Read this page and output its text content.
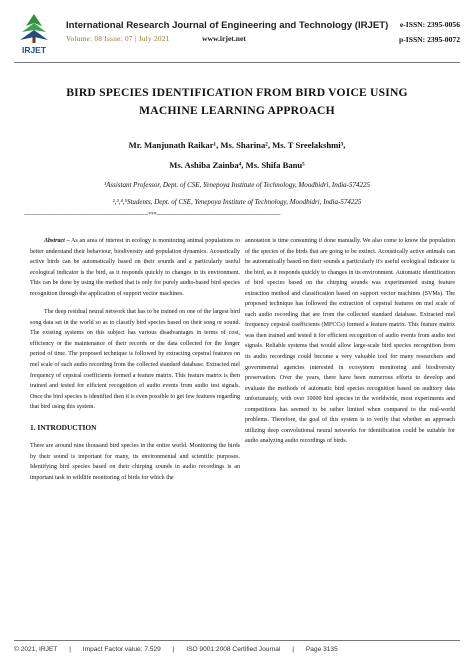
IRJET
International Research Journal of Engineering and Technology (IRJET)
Volume: 08 Issue: 07 | July 2021	www.irjet.net
e-ISSN: 2395-0056
p-ISSN: 2395-0072
BIRD SPECIES IDENTIFICATION FROM BIRD VOICE USING
MACHINE LEARNING APPROACH
Mr. Manjunath Raikar¹, Ms. Sharina², Ms. T Sreelakshmi³,
Ms. Ashiba Zainba⁴, Ms. Shifa Banu⁵
¹Assistant Professor, Dept. of CSE, Yenepoya Institute of Technology, Moodbidri, India-574225
²,³,⁴,⁵Students, Dept. of CSE, Yenepoya Institute of Technology, Moodbidri, India-574225
---------------------------------------------------------------------***---------------------------------------------------------------------

Abstract – As an area of interest in ecology is monitoring animal populations to better understand their behaviour, biodiversity and population dynamics. Acoustically active birds can be automatically based on their sounds and a particularly useful ecological indicator is the bird, as it responds quickly to changes in its environment. This can be done by using the method that is only for purely audio-based bird species recognition through the application of support vector machines.

The deep residual neural network that has to be trained on one of the largest bird song data set in the world so as to classify bird species based on their song or sound. The existing systems on this subject has various disadvantages in terms of cost, efficiency or the maintenance of their records or the data collected for the longer period of time. The proposed technique is followed by extracting cepstral features on mel scale of each audio recording from the collected standard database. Extracted mel frequency of cepstral coefficients formed a feature matrix. This feature matrix is then trained and tested for efficient recognition of audio events from audio test signals. Once the bird species is identified then it is even possible to get few features regarding that bird using this system.

1. INTRODUCTION

There are around nine thousand bird species in the entire world. Monitoring the birds by their sound is important for many, its environmental and scientific purposes. Identifying bird species based on their chirping sounds in audio recordings is an important task in wildlife monitoring of birds for which the

annotation is time consuming if done manually. We also come to know the population of the species of the birds that are going to be extinct. Acoustically active animals can be automatically based on their sounds a particularly it's useful ecological indicator is the bird, as it responds quickly to changes in its environment. Automatic identification of bird species based on the chirping sounds was experimented using feature extraction method and classification based on support vector machines (SVMs). The proposed technique has followed the extraction of cepstral features on mel scale of each audio recording that are from the collected standard database. Extracted mel frequency cepstral coefficients (MFCCs) formed a feature matrix. This feature matrix was then trained and tested it for efficient recognition of audio events from audio test signals. Reliable systems that would allow large-scale bird species recognition from its audio recordings could become a very valuable tool for many researchers and governmental agencies interested in ecosystem monitoring and biodiversity preservation. Over the years, there have been numerous efforts to develop and evaluate the methods of automatic bird species recognition based on auditory data unfortunately, with over 10000 bird species in the worldwide, most experiments and competitions has seemed to be rather limited when compared to the real-world problems. Therefore, the goal of this system is to verify that whether an approach utilizing deep convolutional neural networks for identification could be suitable for audio analyzing audio recordings of birds.

© 2021, IRJET | Impact Factor value: 7.529 | ISO 9001:2008 Certified Journal | Page 3135
